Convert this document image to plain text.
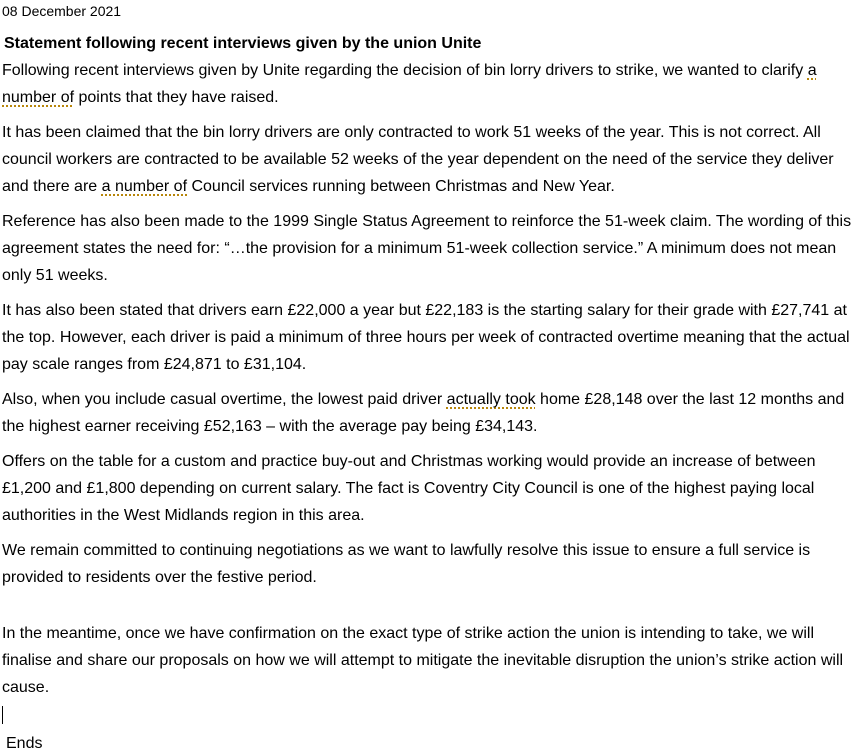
08 December 2021
Statement following recent interviews given by the union Unite

Following recent interviews given by Unite regarding the decision of bin lorry drivers to strike, we wanted to clarify a number of points that they have raised.

It has been claimed that the bin lorry drivers are only contracted to work 51 weeks of the year. This is not correct. All council workers are contracted to be available 52 weeks of the year dependent on the need of the service they deliver and there are a number of Council services running between Christmas and New Year.

Reference has also been made to the 1999 Single Status Agreement to reinforce the 51-week claim. The wording of this agreement states the need for: “…the provision for a minimum 51-week collection service.” A minimum does not mean only 51 weeks.

It has also been stated that drivers earn £22,000 a year but £22,183 is the starting salary for their grade with £27,741 at the top. However, each driver is paid a minimum of three hours per week of contracted overtime meaning that the actual pay scale ranges from £24,871 to £31,104.

Also, when you include casual overtime, the lowest paid driver actually took home £28,148 over the last 12 months and the highest earner receiving £52,163 – with the average pay being £34,143.

Offers on the table for a custom and practice buy-out and Christmas working would provide an increase of between £1,200 and £1,800 depending on current salary. The fact is Coventry City Council is one of the highest paying local authorities in the West Midlands region in this area.

We remain committed to continuing negotiations as we want to lawfully resolve this issue to ensure a full service is provided to residents over the festive period.

In the meantime, once we have confirmation on the exact type of strike action the union is intending to take, we will finalise and share our proposals on how we will attempt to mitigate the inevitable disruption the union’s strike action will cause.

Ends
